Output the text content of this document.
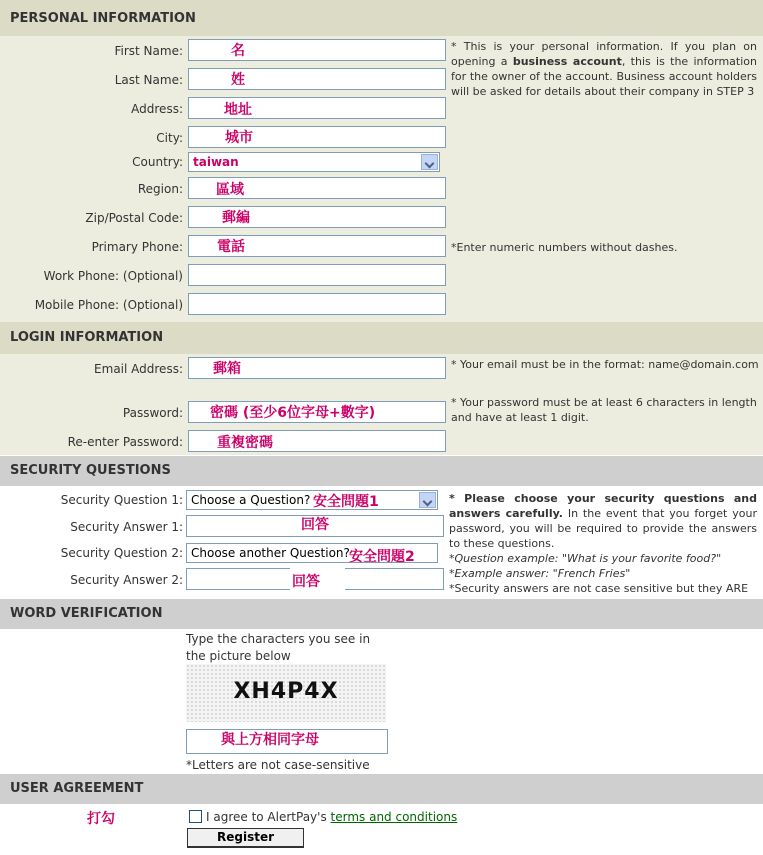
PERSONAL INFORMATION
First Name:	名
Last Name:	姓
Address:	地址
City:	城市
Country: taiwan
Region: 區域
Zip/Postal Code:	郵編
Primary Phone: 電話
Work Phone: (Optional)
Mobile Phone: (Optional)
* This is your personal information. If you plan on opening a business account, this is the information for the owner of the account. Business account holders will be asked for details about their company in STEP 3
*Enter numeric numbers without dashes.
LOGIN INFORMATION
Email Address: 郵箱	* Your email must be in the format: name@domain.com
Password: 密碼 (至少6位字母+數字)
* Your password must be at least 6 characters in length and have at least 1 digit.
Re-enter Password: 重複密碼
SECURITY QUESTIONS
Security Question 1: Choose a Question? 安全問題1
Security Answer 1:	回答
Security Question 2: Choose another Question? 安全問題2
Security Answer 2:	回答
* Please choose your security questions and answers carefully. In the event that you forget your password, you will be required to provide the answers to these questions.
*Question example: "What is your favorite food?"
*Example answer: "French Fries"
*Security answers are not case sensitive but they ARE
WORD VERIFICATION
Type the characters you see in
the picture below
XH4P4X
與上方相同字母
*Letters are not case-sensitive
USER AGREEMENT
打勾	I agree to AlertPay's terms and conditions
Register
